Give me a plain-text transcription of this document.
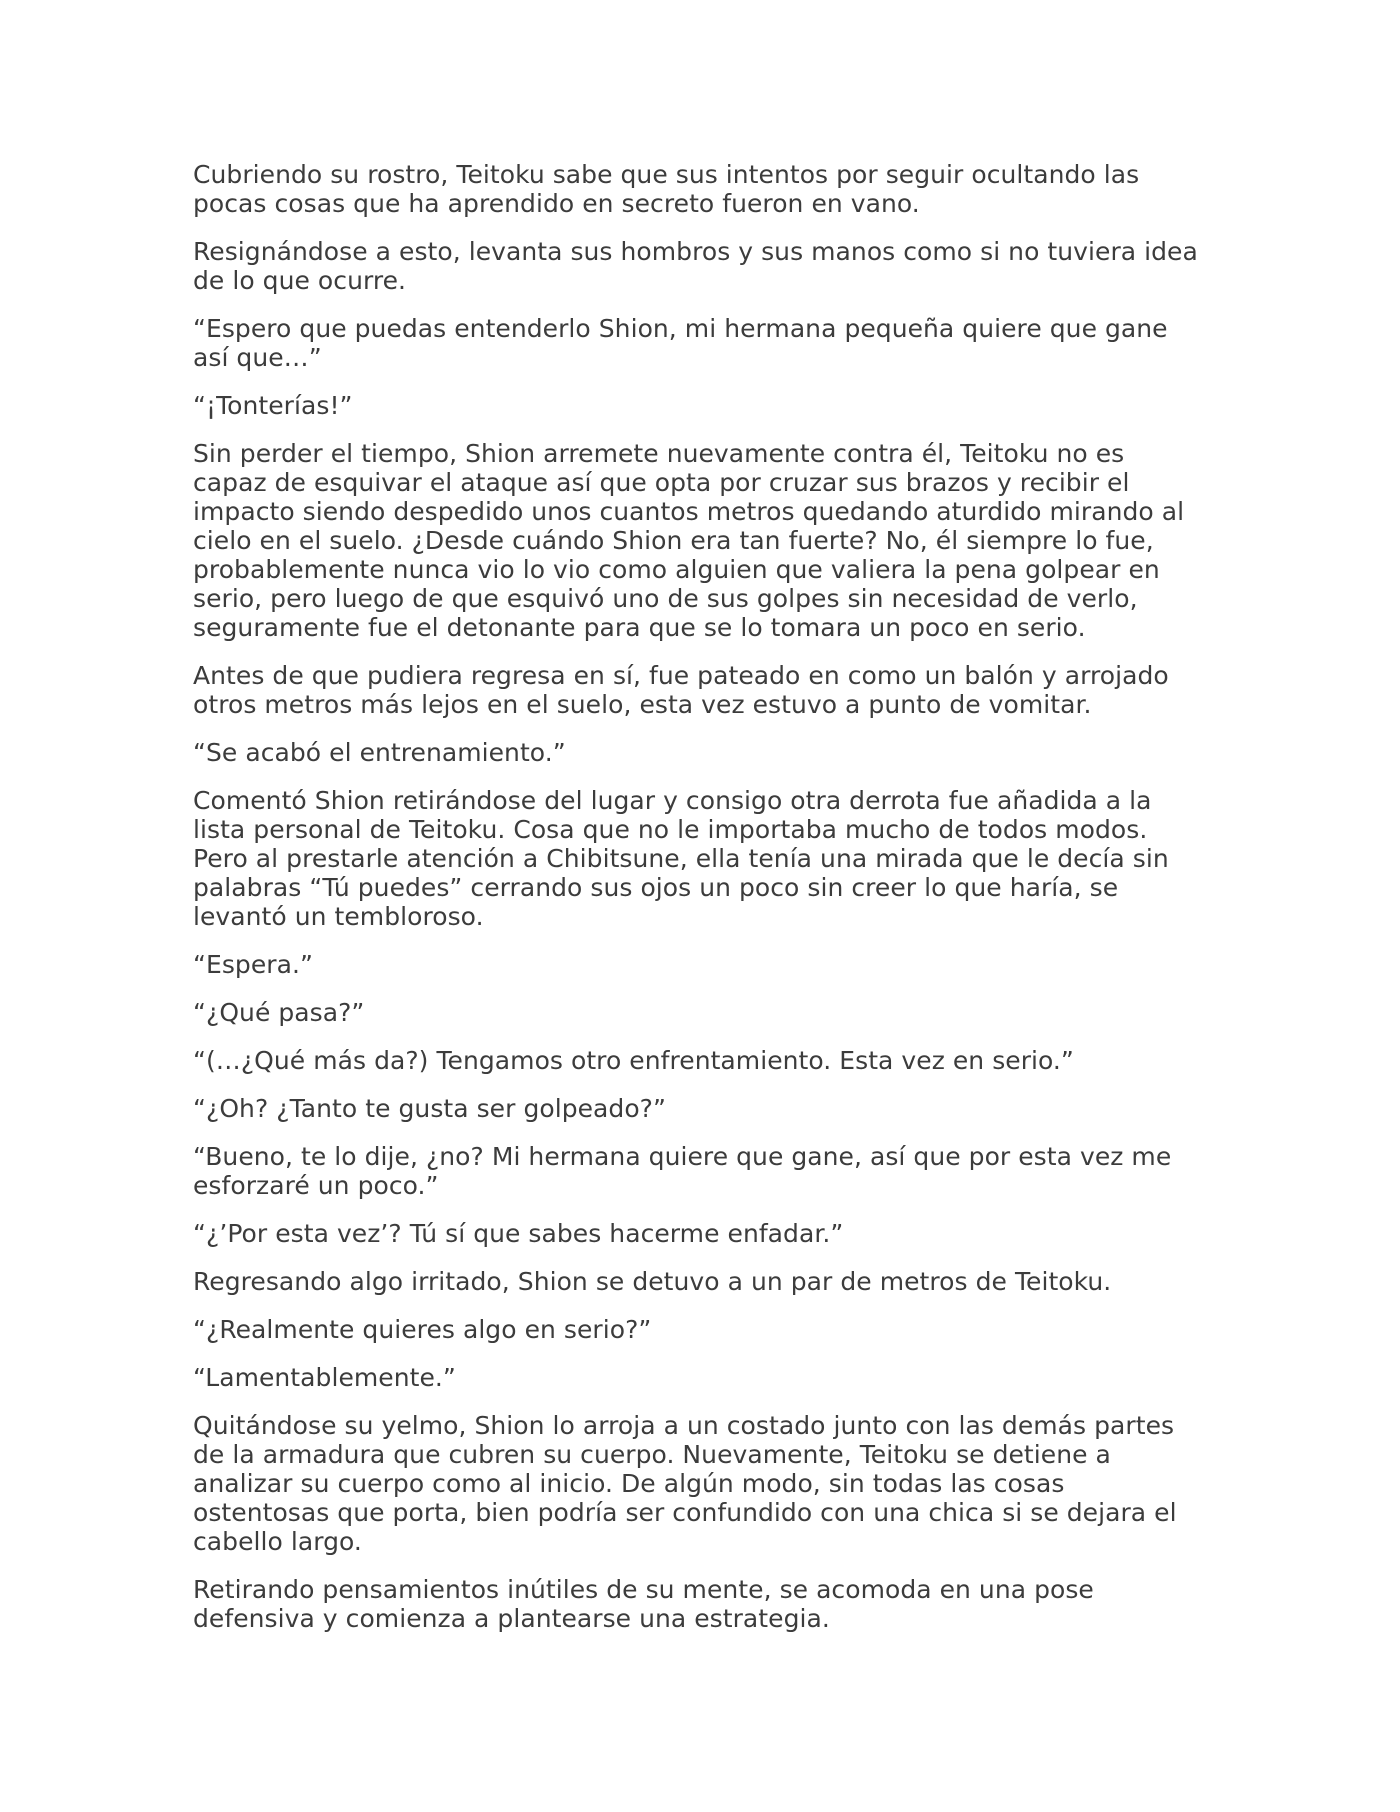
Cubriendo su rostro, Teitoku sabe que sus intentos por seguir ocultando las pocas cosas que ha aprendido en secreto fueron en vano.

Resignándose a esto, levanta sus hombros y sus manos como si no tuviera idea de lo que ocurre.

“Espero que puedas entenderlo Shion, mi hermana pequeña quiere que gane así que…”

“¡Tonterías!”

Sin perder el tiempo, Shion arremete nuevamente contra él, Teitoku no es capaz de esquivar el ataque así que opta por cruzar sus brazos y recibir el impacto siendo despedido unos cuantos metros quedando aturdido mirando al cielo en el suelo. ¿Desde cuándo Shion era tan fuerte? No, él siempre lo fue, probablemente nunca vio lo vio como alguien que valiera la pena golpear en serio, pero luego de que esquivó uno de sus golpes sin necesidad de verlo, seguramente fue el detonante para que se lo tomara un poco en serio.

Antes de que pudiera regresa en sí, fue pateado en como un balón y arrojado otros metros más lejos en el suelo, esta vez estuvo a punto de vomitar.

“Se acabó el entrenamiento.”

Comentó Shion retirándose del lugar y consigo otra derrota fue añadida a la lista personal de Teitoku. Cosa que no le importaba mucho de todos modos. Pero al prestarle atención a Chibitsune, ella tenía una mirada que le decía sin palabras “Tú puedes” cerrando sus ojos un poco sin creer lo que haría, se levantó un tembloroso.

“Espera.”

“¿Qué pasa?”

“(…¿Qué más da?) Tengamos otro enfrentamiento. Esta vez en serio.”

“¿Oh? ¿Tanto te gusta ser golpeado?”

“Bueno, te lo dije, ¿no? Mi hermana quiere que gane, así que por esta vez me esforzaré un poco.”

“¿’Por esta vez’? Tú sí que sabes hacerme enfadar.”

Regresando algo irritado, Shion se detuvo a un par de metros de Teitoku.

“¿Realmente quieres algo en serio?”

“Lamentablemente.”

Quitándose su yelmo, Shion lo arroja a un costado junto con las demás partes de la armadura que cubren su cuerpo. Nuevamente, Teitoku se detiene a analizar su cuerpo como al inicio. De algún modo, sin todas las cosas ostentosas que porta, bien podría ser confundido con una chica si se dejara el cabello largo.

Retirando pensamientos inútiles de su mente, se acomoda en una pose defensiva y comienza a plantearse una estrategia.
